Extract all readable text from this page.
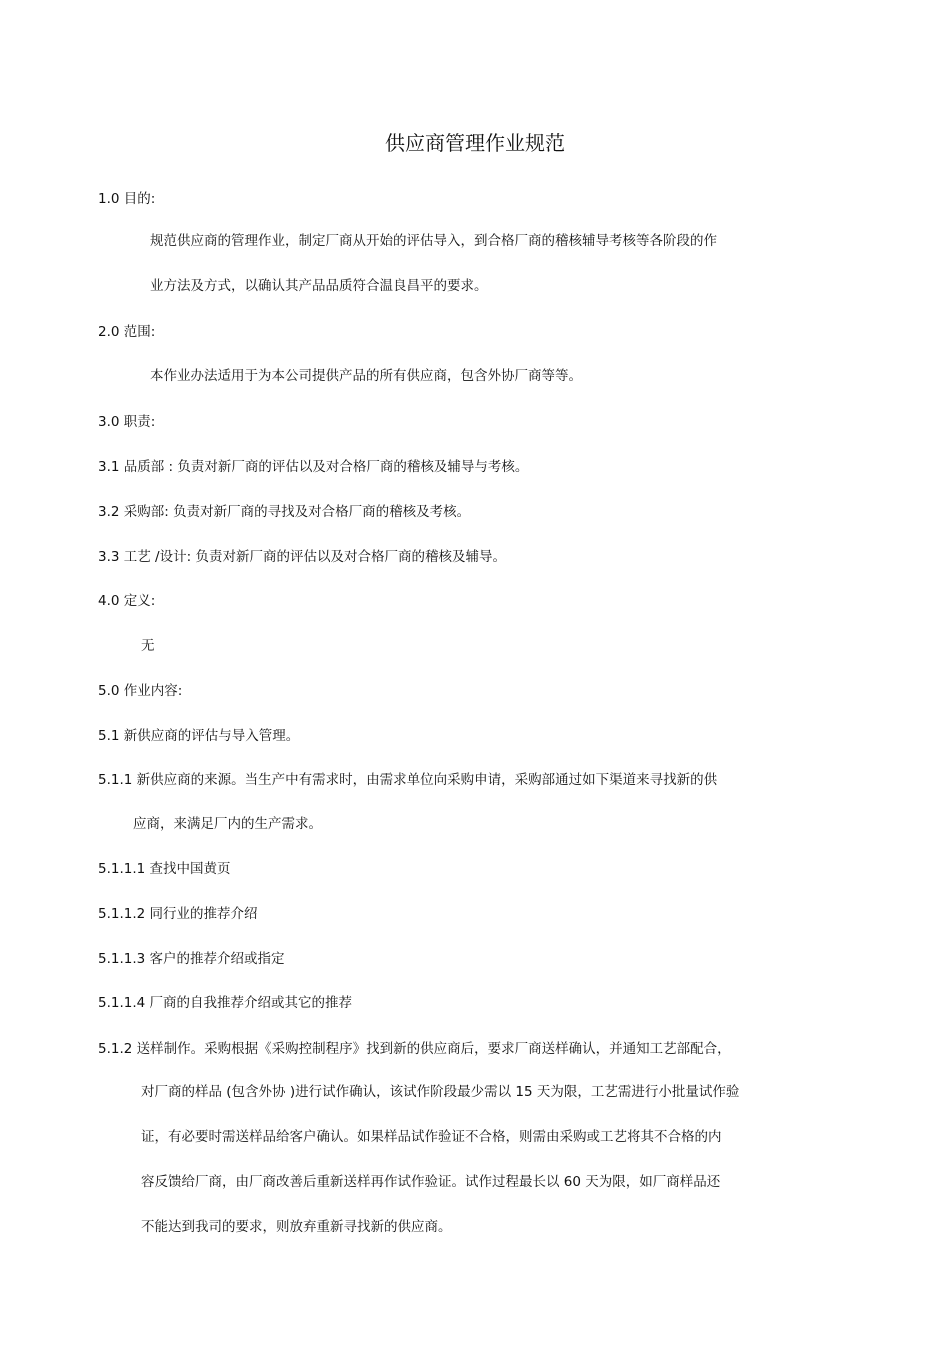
供应商管理作业规范
1.0 目的:
规范供应商的管理作业，制定厂商从开始的评估导入，到合格厂商的稽核辅导考核等各阶段的作
业方法及方式，以确认其产品品质符合温良昌平的要求。
2.0 范围:
本作业办法适用于为本公司提供产品的所有供应商，包含外协厂商等等。
3.0 职责:
3.1 品质部 : 负责对新厂商的评估以及对合格厂商的稽核及辅导与考核。
3.2 采购部: 负责对新厂商的寻找及对合格厂商的稽核及考核。
3.3 工艺 /设计: 负责对新厂商的评估以及对合格厂商的稽核及辅导。
4.0 定义:
无
5.0 作业内容:
5.1 新供应商的评估与导入管理。
5.1.1 新供应商的来源。当生产中有需求时，由需求单位向采购申请，采购部通过如下渠道来寻找新的供
应商，来满足厂内的生产需求。
5.1.1.1 查找中国黄页
5.1.1.2 同行业的推荐介绍
5.1.1.3 客户的推荐介绍或指定
5.1.1.4 厂商的自我推荐介绍或其它的推荐
5.1.2 送样制作。采购根据《采购控制程序》找到新的供应商后，要求厂商送样确认，并通知工艺部配合，
对厂商的样品 (包含外协 )进行试作确认，该试作阶段最少需以 15 天为限，工艺需进行小批量试作验
证，有必要时需送样品给客户确认。如果样品试作验证不合格，则需由采购或工艺将其不合格的内
容反馈给厂商，由厂商改善后重新送样再作试作验证。试作过程最长以 60 天为限，如厂商样品还
不能达到我司的要求，则放弃重新寻找新的供应商。
